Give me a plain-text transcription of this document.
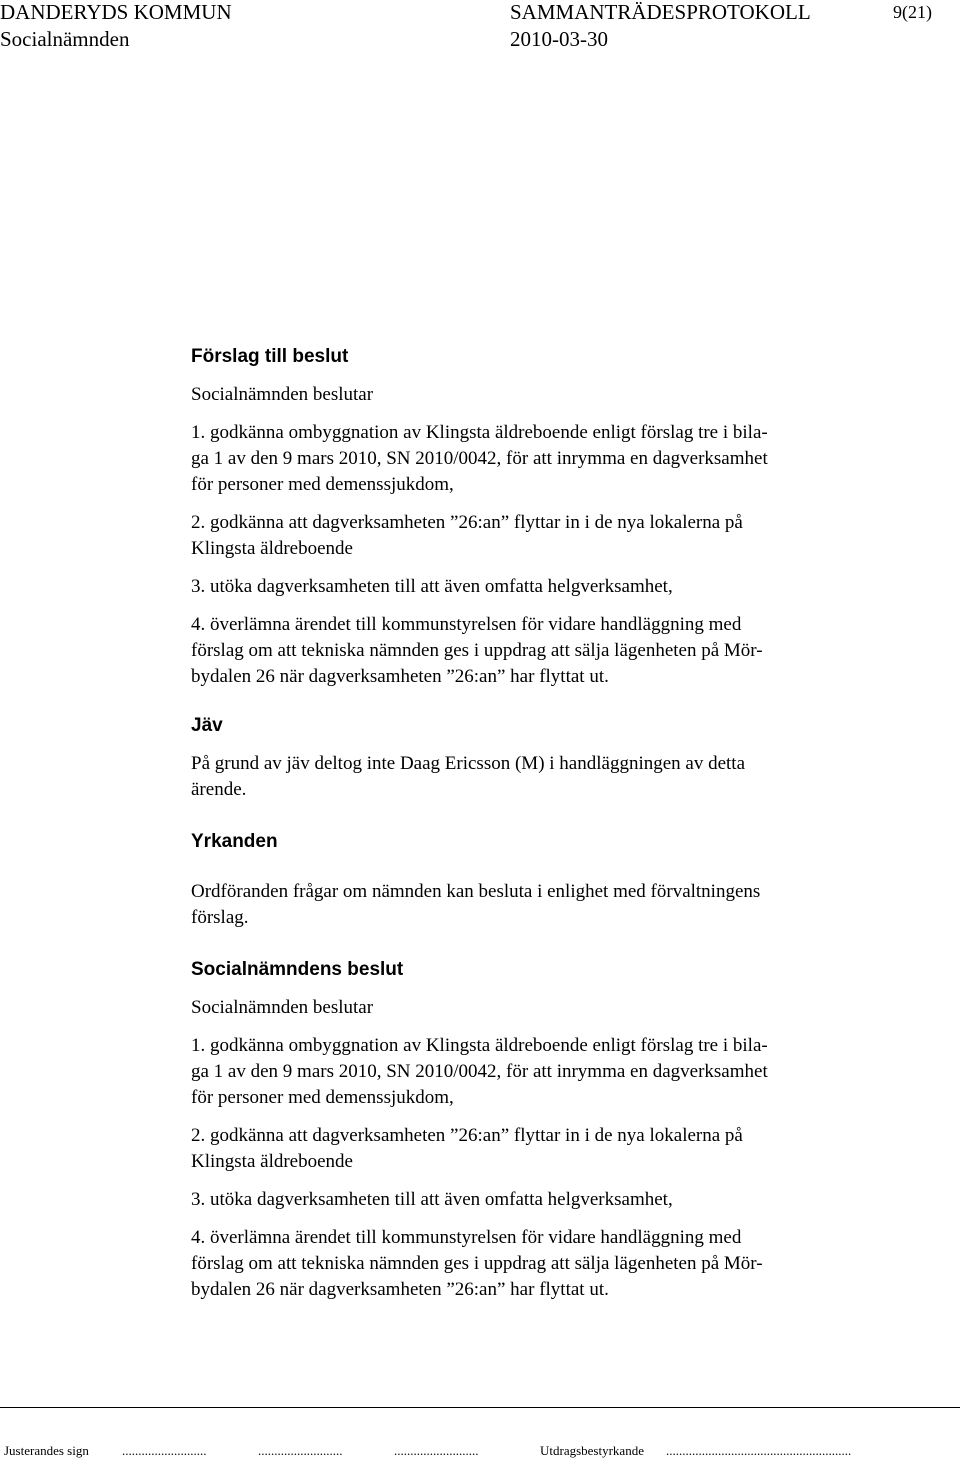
DANDERYDS KOMMUN	SAMMANTRÄDESPROTOKOLL	9(21)
Socialnämnden	2010-03-30

Förslag till beslut

Socialnämnden beslutar

1. godkänna ombyggnation av Klingsta äldreboende enligt förslag tre i bila-

ga 1 av den 9 mars 2010, SN 2010/0042, för att inrymma en dagverksamhet

för personer med demenssjukdom,

2. godkänna att dagverksamheten ”26:an” flyttar in i de nya lokalerna på

Klingsta äldreboende

3. utöka dagverksamheten till att även omfatta helgverksamhet,

4. överlämna ärendet till kommunstyrelsen för vidare handläggning med

förslag om att tekniska nämnden ges i uppdrag att sälja lägenheten på Mör-

bydalen 26 när dagverksamheten ”26:an” har flyttat ut.

Jäv

På grund av jäv deltog inte Daag Ericsson (M) i handläggningen av detta

ärende.

Yrkanden

Ordföranden frågar om nämnden kan besluta i enlighet med förvaltningens

förslag.

Socialnämndens beslut

Socialnämnden beslutar

1. godkänna ombyggnation av Klingsta äldreboende enligt förslag tre i bila-

ga 1 av den 9 mars 2010, SN 2010/0042, för att inrymma en dagverksamhet

för personer med demenssjukdom,

2. godkänna att dagverksamheten ”26:an” flyttar in i de nya lokalerna på

Klingsta äldreboende

3. utöka dagverksamheten till att även omfatta helgverksamhet,

4. överlämna ärendet till kommunstyrelsen för vidare handläggning med

förslag om att tekniska nämnden ges i uppdrag att sälja lägenheten på Mör-

bydalen 26 när dagverksamheten ”26:an” har flyttat ut.

Justerandes sign	..........................	..........................	..........................	Utdragsbestyrkande .........................................................
